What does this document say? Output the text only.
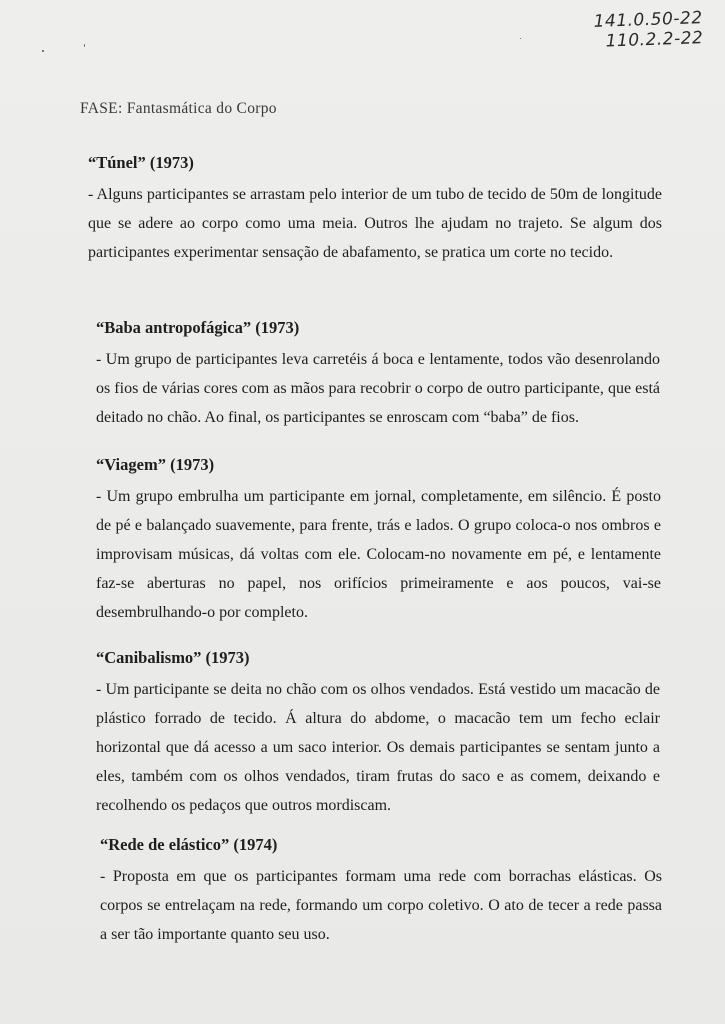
141.0.50-22
110.2.2-22
FASE: Fantasmática do Corpo
“Túnel” (1973)

- Alguns participantes se arrastam pelo interior de um tubo de tecido de 50m de longitude que se adere ao corpo como uma meia. Outros lhe ajudam no trajeto. Se algum dos participantes experimentar sensação de abafamento, se pratica um corte no tecido.

“Baba antropofágica” (1973)

- Um grupo de participantes leva carretéis á boca e lentamente, todos vão desenrolando os fios de várias cores com as mãos para recobrir o corpo de outro participante, que está deitado no chão. Ao final, os participantes se enroscam com “baba” de fios.

“Viagem” (1973)

- Um grupo embrulha um participante em jornal, completamente, em silêncio. É posto de pé e balançado suavemente, para frente, trás e lados. O grupo coloca-o nos ombros e improvisam músicas, dá voltas com ele. Colocam-no novamente em pé, e lentamente faz-se aberturas no papel, nos orifícios primeiramente e aos poucos, vai-se desembrulhando-o por completo.

“Canibalismo” (1973)

- Um participante se deita no chão com os olhos vendados. Está vestido um macacão de plástico forrado de tecido. Á altura do abdome, o macacão tem um fecho eclair horizontal que dá acesso a um saco interior. Os demais participantes se sentam junto a eles, também com os olhos vendados, tiram frutas do saco e as comem, deixando e recolhendo os pedaços que outros mordiscam.

“Rede de elástico” (1974)

- Proposta em que os participantes formam uma rede com borrachas elásticas. Os corpos se entrelaçam na rede, formando um corpo coletivo. O ato de tecer a rede passa a ser tão importante quanto seu uso.
